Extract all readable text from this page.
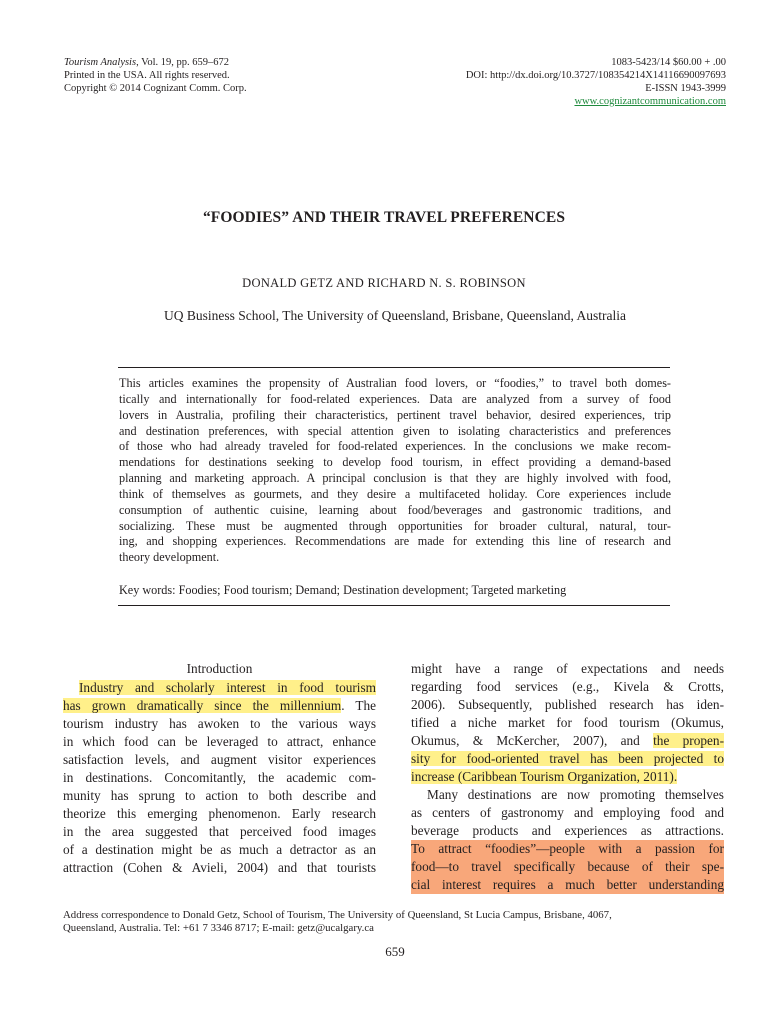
Tourism Analysis, Vol. 19, pp. 659–672
Printed in the USA. All rights reserved.
Copyright © 2014 Cognizant Comm. Corp.
1083-5423/14 $60.00 + .00
DOI: http://dx.doi.org/10.3727/108354214X14116690097693
E-ISSN 1943-3999
www.cognizantcommunication.com
“FOODIES” AND THEIR TRAVEL PREFERENCES
DONALD GETZ AND RICHARD N. S. ROBINSON
UQ Business School, The University of Queensland, Brisbane, Queensland, Australia
This articles examines the propensity of Australian food lovers, or “foodies,” to travel both domes-
tically and internationally for food-related experiences. Data are analyzed from a survey of food
lovers in Australia, profiling their characteristics, pertinent travel behavior, desired experiences, trip
and destination preferences, with special attention given to isolating characteristics and preferences
of those who had already traveled for food-related experiences. In the conclusions we make recom-
mendations for destinations seeking to develop food tourism, in effect providing a demand-based
planning and marketing approach. A principal conclusion is that they are highly involved with food,
think of themselves as gourmets, and they desire a multifaceted holiday. Core experiences include
consumption of authentic cuisine, learning about food/beverages and gastronomic traditions, and
socializing. These must be augmented through opportunities for broader cultural, natural, tour-
ing, and shopping experiences. Recommendations are made for extending this line of research and
theory development.
Key words: Foodies; Food tourism; Demand; Destination development; Targeted marketing
Introduction
Industry and scholarly interest in food tourism
has grown dramatically since the millennium. The
tourism industry has awoken to the various ways
in which food can be leveraged to attract, enhance
satisfaction levels, and augment visitor experiences
in destinations. Concomitantly, the academic com-
munity has sprung to action to both describe and
theorize this emerging phenomenon. Early research
in the area suggested that perceived food images
of a destination might be as much a detractor as an
attraction (Cohen & Avieli, 2004) and that tourists
might have a range of expectations and needs
regarding food services (e.g., Kivela & Crotts,
2006). Subsequently, published research has iden-
tified a niche market for food tourism (Okumus,
Okumus, & McKercher, 2007), and the propen-
sity for food-oriented travel has been projected to
increase (Caribbean Tourism Organization, 2011).
Many destinations are now promoting themselves
as centers of gastronomy and employing food and
beverage products and experiences as attractions.
To attract “foodies”—people with a passion for
food—to travel specifically because of their spe-
cial interest requires a much better understanding
Address correspondence to Donald Getz, School of Tourism, The University of Queensland, St Lucia Campus, Brisbane, 4067,
Queensland, Australia. Tel: +61 7 3346 8717; E-mail: getz@ucalgary.ca
659
